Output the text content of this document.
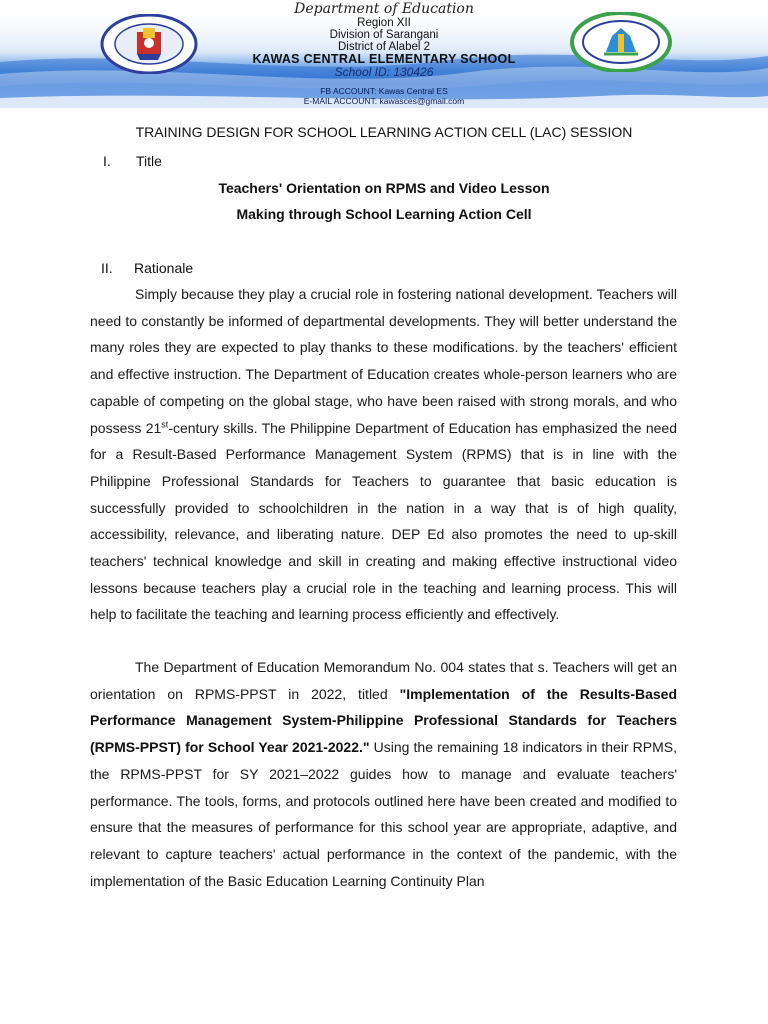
Department of Education
Region XII
Division of Sarangani
District of Alabel 2
KAWAS CENTRAL ELEMENTARY SCHOOL
School ID: 130426
FB ACCOUNT: Kawas Central ES
E-MAIL ACCOUNT: kawasces@gmail.com
TRAINING DESIGN FOR SCHOOL LEARNING ACTION CELL (LAC) SESSION
I. Title
Teachers' Orientation on RPMS and Video Lesson
Making through School Learning Action Cell
II. Rationale

Simply because they play a crucial role in fostering national development. Teachers will need to constantly be informed of departmental developments. They will better understand the many roles they are expected to play thanks to these modifications. by the teachers' efficient and effective instruction. The Department of Education creates whole-person learners who are capable of competing on the global stage, who have been raised with strong morals, and who possess 21st-century skills. The Philippine Department of Education has emphasized the need for a Result-Based Performance Management System (RPMS) that is in line with the Philippine Professional Standards for Teachers to guarantee that basic education is successfully provided to schoolchildren in the nation in a way that is of high quality, accessibility, relevance, and liberating nature. DEP Ed also promotes the need to up-skill teachers' technical knowledge and skill in creating and making effective instructional video lessons because teachers play a crucial role in the teaching and learning process. This will help to facilitate the teaching and learning process efficiently and effectively.

The Department of Education Memorandum No. 004 states that s. Teachers will get an orientation on RPMS-PPST in 2022, titled "Implementation of the Results-Based Performance Management System-Philippine Professional Standards for Teachers (RPMS-PPST) for School Year 2021-2022." Using the remaining 18 indicators in their RPMS, the RPMS-PPST for SY 2021–2022 guides how to manage and evaluate teachers' performance. The tools, forms, and protocols outlined here have been created and modified to ensure that the measures of performance for this school year are appropriate, adaptive, and relevant to capture teachers' actual performance in the context of the pandemic, with the implementation of the Basic Education Learning Continuity Plan
